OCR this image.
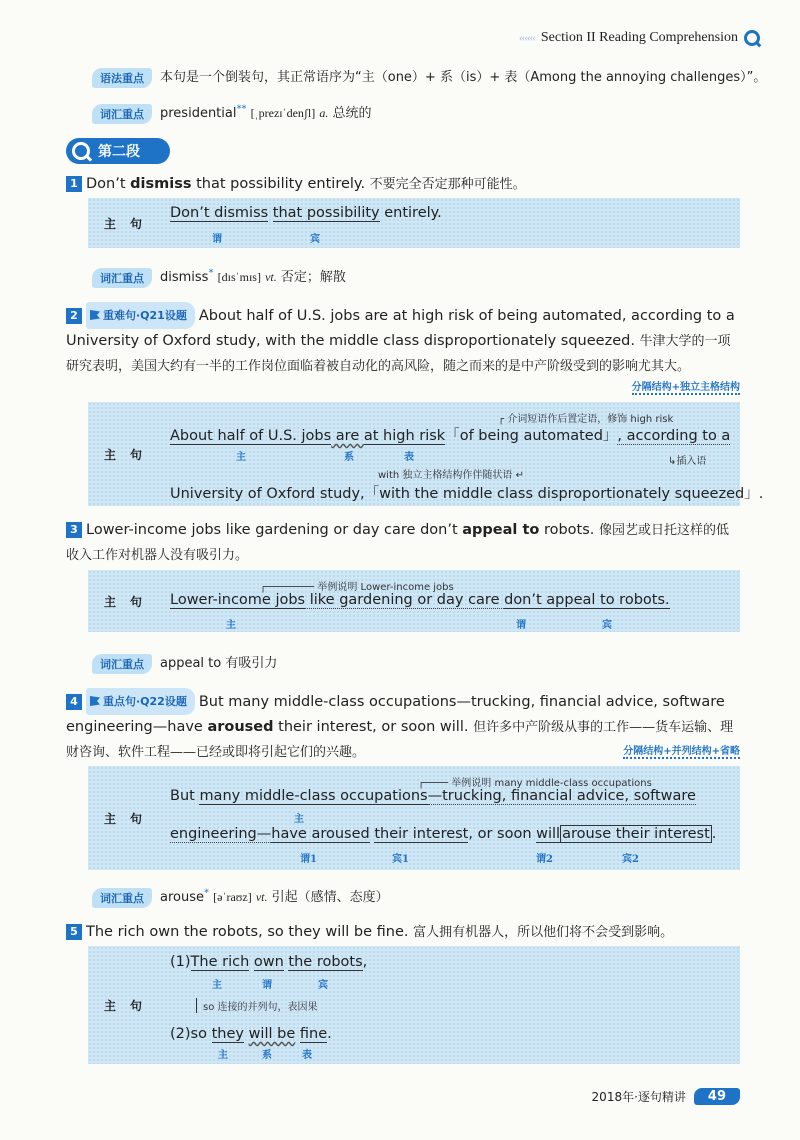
‹‹‹‹‹‹ Section II Reading Comprehension
语法重点 本句是一个倒装句，其正常语序为“主（one）+ 系（is）+ 表（Among the annoying challenges）”。
词汇重点 presidential** [ˌprezɪˈdenʃl] a. 总统的
第二段
1 Don’t dismiss that possibility entirely. 不要完全否定那种可能性。
主句
Don’t dismiss that possibility entirely.
谓	宾
词汇重点 dismiss* [dɪsˈmɪs] vt. 否定；解散
2 重难句·Q21设题 About half of U.S. jobs are at high risk of being automated, according to a University of Oxford study, with the middle class disproportionately squeezed. 牛津大学的一项研究表明，美国大约有一半的工作岗位面临着被自动化的高风险，随之而来的是中产阶级受到的影响尤其大。
分隔结构+独立主格结构
主句
┌ 介词短语作后置定语，修饰 high risk
About half of U.S. jobs are at high risk「of being automated」, according to a
主	系	表	↳插入语
with 独立主格结构作伴随状语 ↵
University of Oxford study,「with the middle class disproportionately squeezed」.
3 Lower-income jobs like gardening or day care don’t appeal to robots. 像园艺或日托这样的低收入工作对机器人没有吸引力。
主句
┌──────── 举例说明 Lower-income jobs
Lower-income jobs like gardening or day care don’t appeal to robots.
主	谓	宾
词汇重点 appeal to 有吸引力
4 重点句·Q22设题 But many middle-class occupations—trucking, financial advice, software engineering—have aroused their interest, or soon will. 但许多中产阶级从事的工作——货车运输、理财咨询、软件工程——已经或即将引起它们的兴趣。	分隔结构+并列结构+省略
主句
┌──── 举例说明 many middle-class occupations
But many middle-class occupations—trucking, financial advice, software
主
engineering—have aroused their interest, or soon will arouse their interest .
谓1	宾1	谓2	宾2
词汇重点 arouse* [əˈraʊz] vt. 引起（感情、态度）
5 The rich own the robots, so they will be fine. 富人拥有机器人，所以他们将不会受到影响。
主句
(1)The rich own the robots,
主	谓	宾
so 连接的并列句，表因果
(2)so they will be fine.
主	系	表
2018年·逐句精讲	49
